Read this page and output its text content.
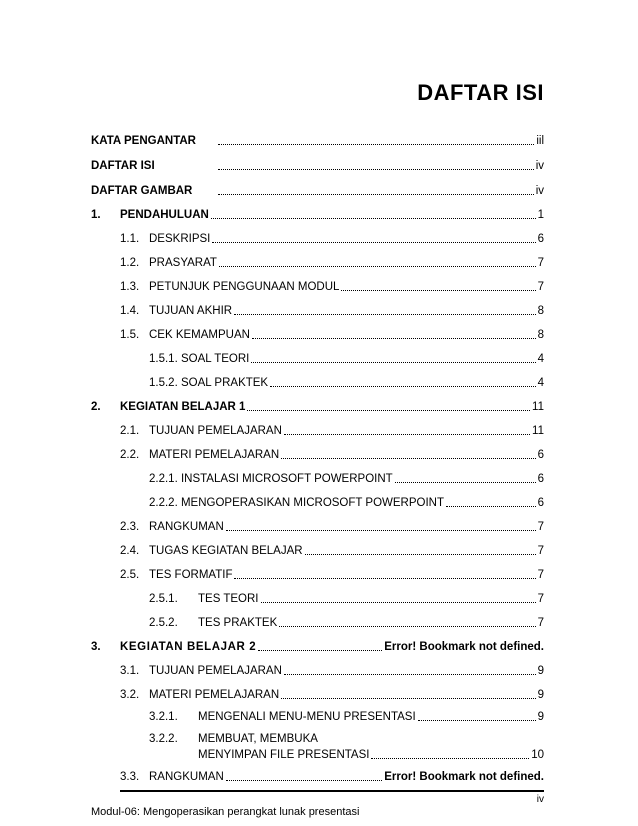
DAFTAR ISI
KATA PENGANTAR	iil
DAFTAR ISI	iv
DAFTAR GAMBAR	iv
1.	PENDAHULUAN	1
1.1. DESKRIPSI	6
1.2. PRASYARAT	7
1.3. PETUNJUK PENGGUNAAN MODUL	7
1.4. TUJUAN AKHIR	8
1.5. CEK KEMAMPUAN	8
1.5.1. SOAL TEORI	4
1.5.2. SOAL PRAKTEK	4
2.	KEGIATAN BELAJAR 1	11
2.1. TUJUAN PEMELAJARAN	11
2.2. MATERI PEMELAJARAN	6
2.2.1. INSTALASI MICROSOFT POWERPOINT	6
2.2.2. MENGOPERASIKAN MICROSOFT POWERPOINT	6
2.3. RANGKUMAN	7
2.4. TUGAS KEGIATAN BELAJAR	7
2.5. TES FORMATIF	7
2.5.1.	TES TEORI	7
2.5.2.	TES PRAKTEK	7
3.	KEGIATAN BELAJAR 2	Error! Bookmark not defined.
3.1. TUJUAN PEMELAJARAN	9
3.2. MATERI PEMELAJARAN	9
3.2.1.	MENGENALI MENU-MENU PRESENTASI	9
3.2.2.	MEMBUAT, MEMBUKA
MENYIMPAN FILE PRESENTASI	10
3.3. RANGKUMAN	Error! Bookmark not defined.
iv
Modul-06: Mengoperasikan perangkat lunak presentasi
